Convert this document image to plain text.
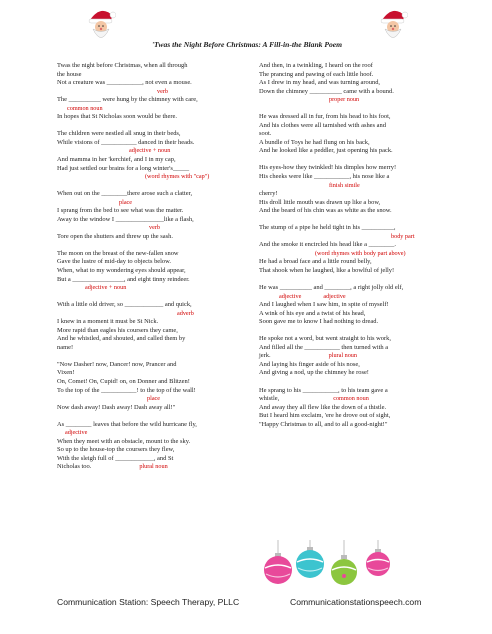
'Twas the Night Before Christmas: A Fill-in-the Blank Poem

Twas the night before Christmas, when all through

the house

Not a creature was ___________, not even a mouse.

verb

The __________ were hung by the chimney with care,

common noun

In hopes that St Nicholas soon would be there.

The children were nestled all snug in their beds,

While visions of ___________ danced in their heads.

adjective + noun

And mamma in her 'kerchief, and I in my cap,

Had just settled our brains for a long winter's_____

(word rhymes with "cap")

When out on the ________there arose such a clatter,

place

I sprang from the bed to see what was the matter.

Away to the window I _______________like a flash,

verb

Tore open the shutters and threw up the sash.

The moon on the breast of the new-fallen snow

Gave the lustre of mid-day to objects below.

When, what to my wondering eyes should appear,

But a ________________, and eight tinny reindeer.

adjective + noun

With a little old driver, so ____________ and quick,

adverb

I knew in a moment it must be St Nick.

More rapid than eagles his coursers they came,

And he whistled, and shouted, and called them by

name!

"Now Dasher! now, Dancer! now, Prancer and

Vixen!

On, Comet! On, Cupid! on, on Donner and Blitzen!

To the top of the ___________! to the top of the wall!

place

Now dash away! Dash away! Dash away all!"

As ________ leaves that before the wild hurricane fly,

adjective

When they meet with an obstacle, mount to the sky.

So up to the house-top the coursers they flew,

With the sleigh full of ____________, and St

Nicholas too.	plural noun

And then, in a twinkling, I heard on the roof

The prancing and pawing of each little hoof.

As I drew in my head, and was turning around,

Down the chimney __________ came with a bound.

proper noun

He was dressed all in fur, from his head to his foot,

And his clothes were all tarnished with ashes and

soot.

A bundle of Toys he had flung on his back,

And he looked like a peddler, just opening his pack.

His eyes-how they twinkled! his dimples how merry!

His cheeks were like ___________, his nose like a

finish simile

cherry!

His droll little mouth was drawn up like a bow,

And the beard of his chin was as white as the snow.

The stump of a pipe he held tight in his __________,

body part

And the smoke it encircled his head like a ________.

(word rhymes with body part above)

He had a broad face and a little round belly,

That shook when he laughed, like a bowlful of jelly!

He was __________ and ________, a right jolly old elf,

adjective	adjective

And I laughed when I saw him, in spite of myself!

A wink of his eye and a twist of his head,

Soon gave me to know I had nothing to dread.

He spoke not a word, but went straight to his work,

And filled all the ___________ then turned with a

jerk.	plural noun

And laying his finger aside of his nose,

And giving a nod, up the chimney he rose!

He sprang to his ___________, to his team gave a

whistle,	common noun

And away they all flew like the down of a thistle.

But I heard him exclaim, 'ere he drove out of sight,

"Happy Christmas to all, and to all a good-night!"

Communication Station: Speech Therapy, PLLC	Communicationstationspeech.com
